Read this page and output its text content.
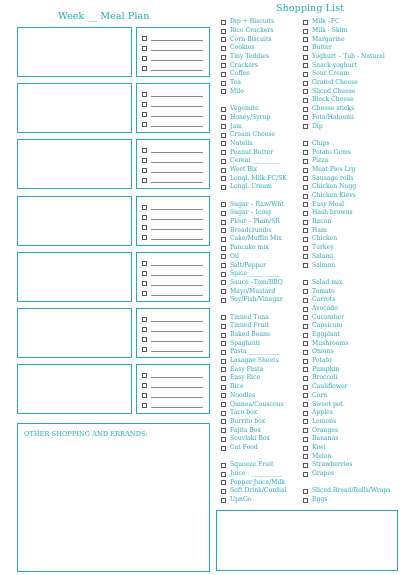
Week __ Meal Plan
Shopping List
OTHER SHOPPING AND ERRANDS:
Dip + Biscuits
Rice Crackers
Corn Biscuits
Cookies
Tiny Teddies
Crackers
Coffee
Tea
Milo
Vegemite
Honey/Syrup
Jam
Cream Cheese
Nutella
Peanut Butter
Cereal__________
Weet Bix
Longl. Milk FC/SK
Longl. Cream
Sugar – Raw/Wht
Sugar – Icing
Flour – Plain/SR
Breadcrumbs
Cake/Muffin Mix
Pancake mix
Oil
Salt/Pepper
Spice___________
Sauce –Tom/BBQ
Mayo/Mustard
Soy/Fish/Vinegar
Tinned Tuna
Tinned Fruit
Baked Beans
Spaghetti
Pasta __________
Lasagne Sheets
Easy Pasta
Easy Rice
Rice
Noodles
Quinoa/Couscous
Taco box
Burrito box
Fajita Box
Souvlaki Box
Cat Food
Squeeze Fruit
Juice - __________
Popper Juice/Milk
Soft Drink/Cordial
UpnGo
Milk –FC
Milk - Skim
Margarine
Butter
Yoghurt – Tub - Natural
Snack yoghurt
Sour Cream
Grated Cheese
Sliced Cheese
Block Cheese
Cheese sticks
Feta/Haloumi
Dip
Chips
Potato Gems
Pizza
Meat Pies Lrg
Sausage rolls
Chicken Nugg
Chicken Kievs
Easy Meal
Hash browns
Bacon
Ham
Chicken
Turkey
Salami
Salmon
Salad mix
Tomato
Carrots
Avocado
Cucumber
Capsicum
Eggplant
Mushrooms
Onions
Potato
Pumpkin
Broccoli
Cauliflower
Corn
Sweet pot.
Apples
Lemons
Oranges
Bananas
Kiwi
Melon
Strawberries
Grapes
Sliced Bread/Rolls/Wraps
Eggs
